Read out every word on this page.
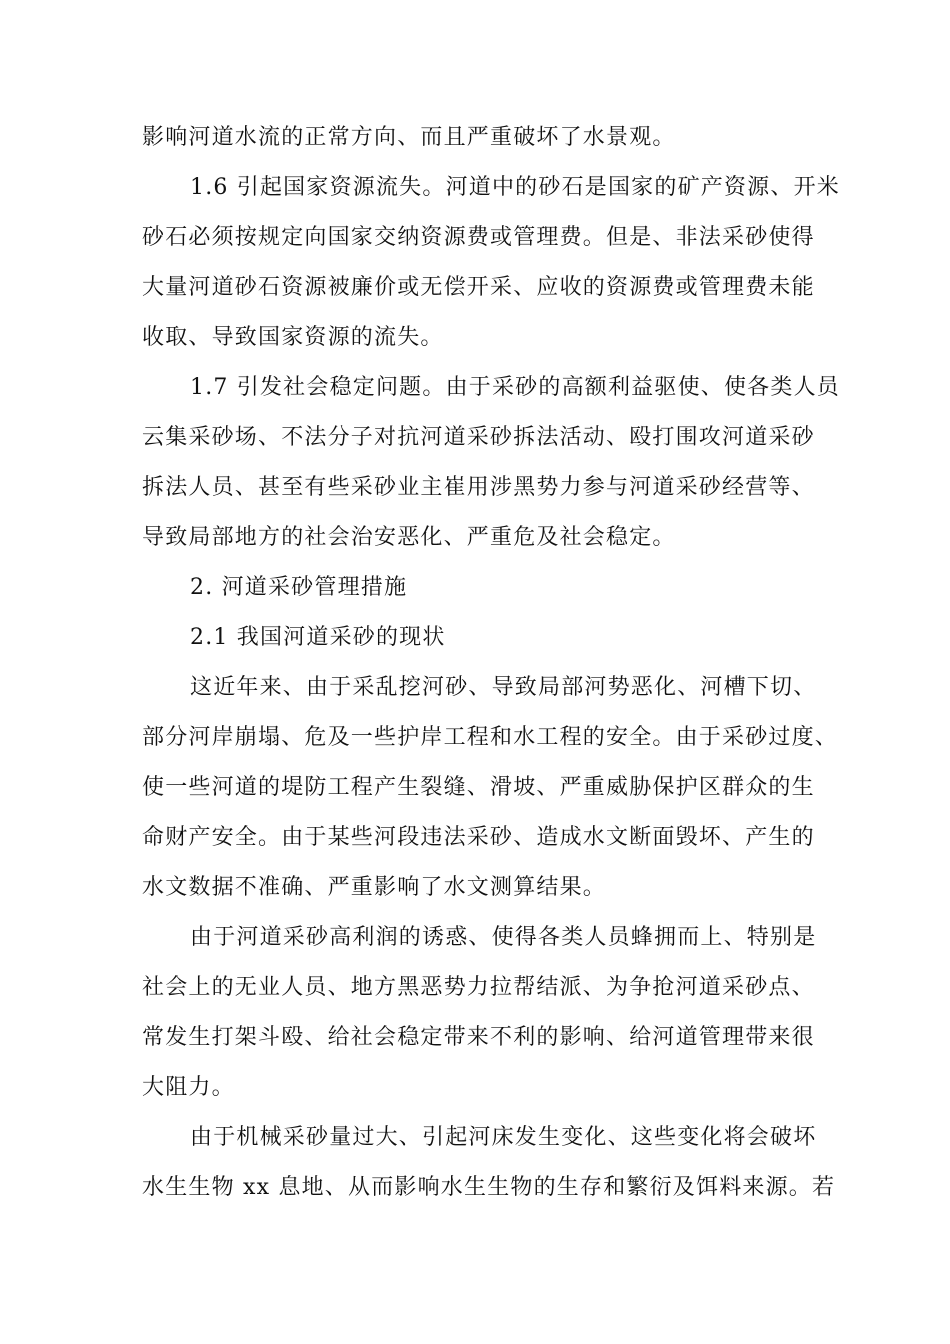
影响河道水流的正常方向、而且严重破坏了水景观。
1.6 引起国家资源流失。河道中的砂石是国家的矿产资源、开米
砂石必须按规定向国家交纳资源费或管理费。但是、非法采砂使得
大量河道砂石资源被廉价或无偿开采、应收的资源费或管理费未能
收取、导致国家资源的流失。
1.7 引发社会稳定问题。由于采砂的高额利益驱使、使各类人员
云集采砂场、不法分子对抗河道采砂拆法活动、殴打围攻河道采砂
拆法人员、甚至有些采砂业主崔用涉黑势力参与河道采砂经营等、
导致局部地方的社会治安恶化、严重危及社会稳定。
2. 河道采砂管理措施
2.1 我国河道采砂的现状
这近年来、由于采乱挖河砂、导致局部河势恶化、河槽下切、
部分河岸崩塌、危及一些护岸工程和水工程的安全。由于采砂过度、
使一些河道的堤防工程产生裂缝、滑坡、严重威胁保护区群众的生
命财产安全。由于某些河段违法采砂、造成水文断面毁坏、产生的
水文数据不准确、严重影响了水文测算结果。
由于河道采砂高利润的诱惑、使得各类人员蜂拥而上、特别是
社会上的无业人员、地方黑恶势力拉帮结派、为争抢河道采砂点、
常发生打架斗殴、给社会稳定带来不利的影响、给河道管理带来很
大阻力。
由于机械采砂量过大、引起河床发生变化、这些变化将会破坏
水生生物 xx 息地、从而影响水生生物的生存和繁衍及饵料来源。若
